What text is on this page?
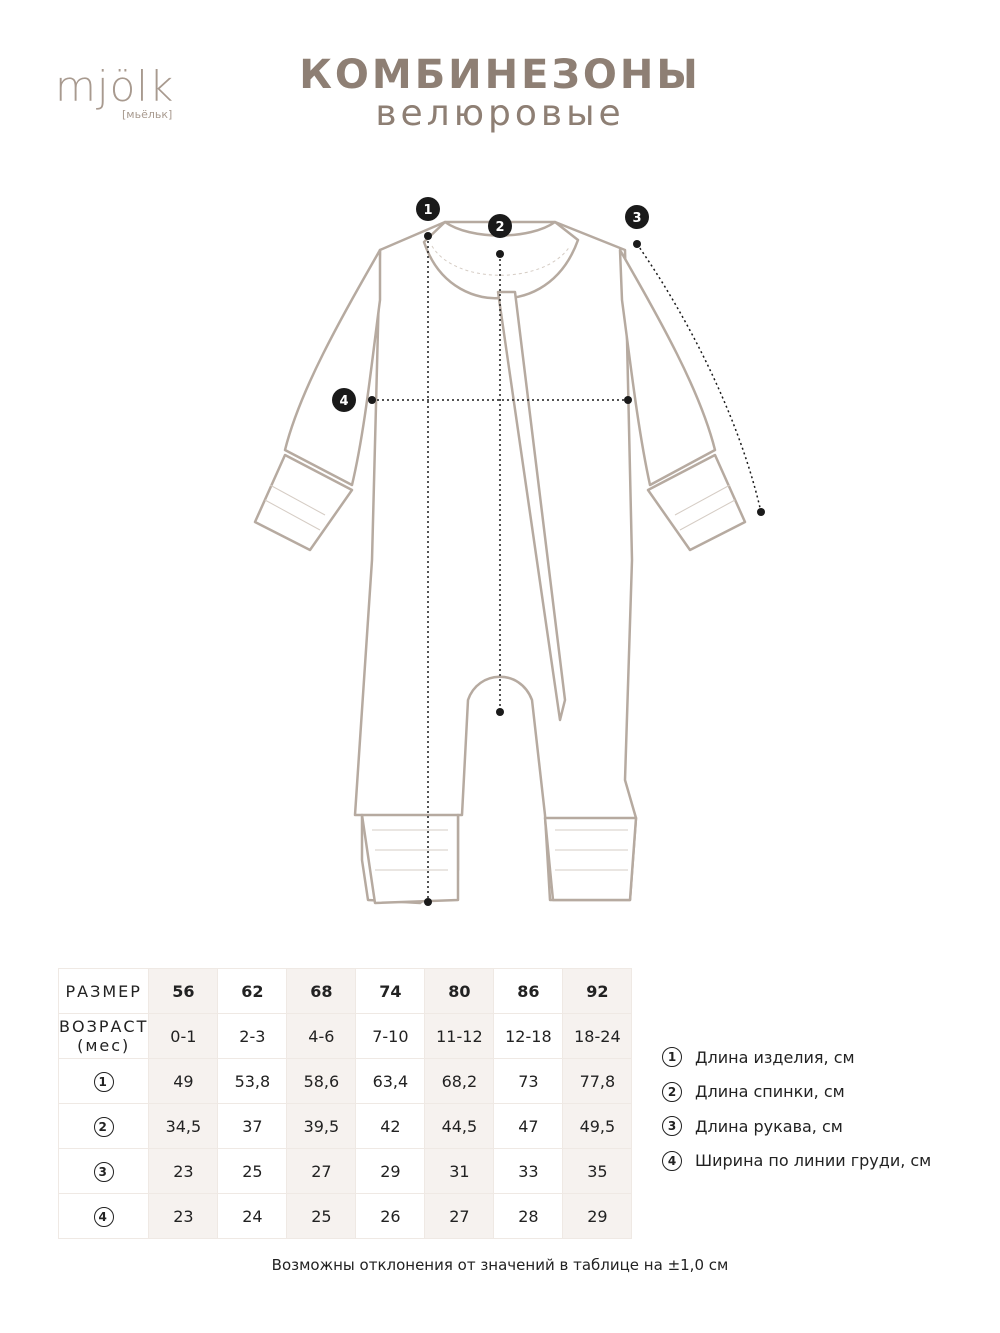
mjölk
[мьёльк]
КОМБИНЕЗОНЫ
велюровые
1
2
3
4
РАЗМЕР	56	62	68	74	80	86	92

ВОЗРАСТ
(мес)	0-1	2-3	4-6	7-10	11-12	12-18	18-24
1	49	53,8	58,6	63,4	68,2	73	77,8
2	34,5	37	39,5	42	44,5	47	49,5
3	23	25	27	29	31	33	35
4	23	24	25	26	27	28	29
1	Длина изделия, см
2	Длина спинки, см
3	Длина рукава, см
4	Ширина по линии груди, см
Возможны отклонения от значений в таблице на ±1,0 см
